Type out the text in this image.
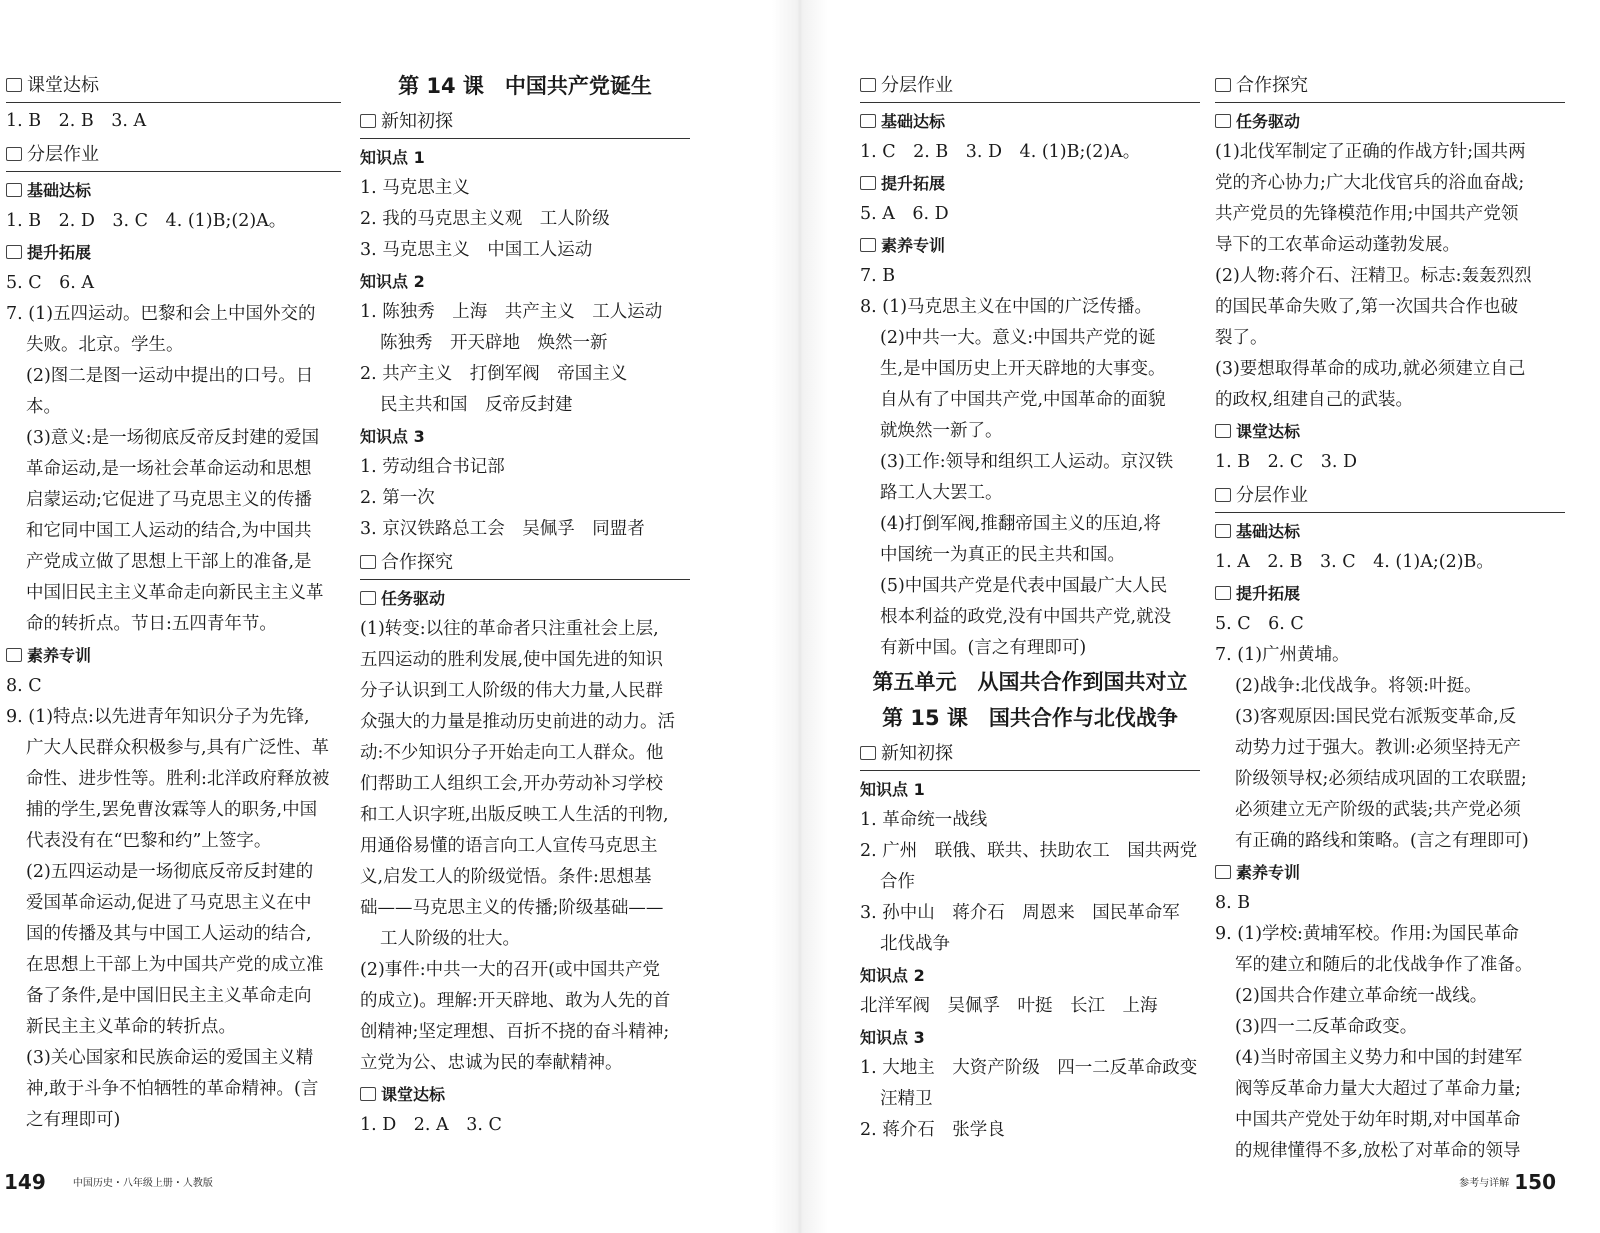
课堂达标
1. B　2. B　3. A
分层作业
基础达标
1. B　2. D　3. C　4. (1)B;(2)A。
提升拓展
5. C　6. A
7. (1)五四运动。巴黎和会上中国外交的
失败。北京。学生。
(2)图二是图一运动中提出的口号。日
本。
(3)意义:是一场彻底反帝反封建的爱国
革命运动,是一场社会革命运动和思想
启蒙运动;它促进了马克思主义的传播
和它同中国工人运动的结合,为中国共
产党成立做了思想上干部上的准备,是
中国旧民主主义革命走向新民主主义革
命的转折点。节日:五四青年节。
素养专训
8. C
9. (1)特点:以先进青年知识分子为先锋,
广大人民群众积极参与,具有广泛性、革
命性、进步性等。胜利:北洋政府释放被
捕的学生,罢免曹汝霖等人的职务,中国
代表没有在“巴黎和约”上签字。
(2)五四运动是一场彻底反帝反封建的
爱国革命运动,促进了马克思主义在中
国的传播及其与中国工人运动的结合,
在思想上干部上为中国共产党的成立准
备了条件,是中国旧民主主义革命走向
新民主主义革命的转折点。
(3)关心国家和民族命运的爱国主义精
神,敢于斗争不怕牺牲的革命精神。(言
之有理即可)
第 14 课　中国共产党诞生
新知初探
知识点 1
1. 马克思主义
2. 我的马克思主义观　工人阶级
3. 马克思主义　中国工人运动
知识点 2
1. 陈独秀　上海　共产主义　工人运动
陈独秀　开天辟地　焕然一新
2. 共产主义　打倒军阀　帝国主义
民主共和国　反帝反封建
知识点 3
1. 劳动组合书记部
2. 第一次
3. 京汉铁路总工会　吴佩孚　同盟者
合作探究
任务驱动
(1)转变:以往的革命者只注重社会上层,
五四运动的胜利发展,使中国先进的知识
分子认识到工人阶级的伟大力量,人民群
众强大的力量是推动历史前进的动力。活
动:不少知识分子开始走向工人群众。他
们帮助工人组织工会,开办劳动补习学校
和工人识字班,出版反映工人生活的刊物,
用通俗易懂的语言向工人宣传马克思主
义,启发工人的阶级觉悟。条件:思想基
础——马克思主义的传播;阶级基础——
工人阶级的壮大。
(2)事件:中共一大的召开(或中国共产党
的成立)。理解:开天辟地、敢为人先的首
创精神;坚定理想、百折不挠的奋斗精神;
立党为公、忠诚为民的奉献精神。
课堂达标
1. D　2. A　3. C
分层作业
基础达标
1. C　2. B　3. D　4. (1)B;(2)A。
提升拓展
5. A　6. D
素养专训
7. B
8. (1)马克思主义在中国的广泛传播。
(2)中共一大。意义:中国共产党的诞
生,是中国历史上开天辟地的大事变。
自从有了中国共产党,中国革命的面貌
就焕然一新了。
(3)工作:领导和组织工人运动。京汉铁
路工人大罢工。
(4)打倒军阀,推翻帝国主义的压迫,将
中国统一为真正的民主共和国。
(5)中国共产党是代表中国最广大人民
根本利益的政党,没有中国共产党,就没
有新中国。(言之有理即可)
第五单元　从国共合作到国共对立
第 15 课　国共合作与北伐战争
新知初探
知识点 1
1. 革命统一战线
2. 广州　联俄、联共、扶助农工　国共两党
合作
3. 孙中山　蒋介石　周恩来　国民革命军
北伐战争
知识点 2
北洋军阀　吴佩孚　叶挺　长江　上海
知识点 3
1. 大地主　大资产阶级　四一二反革命政变
汪精卫
2. 蒋介石　张学良
合作探究
任务驱动
(1)北伐军制定了正确的作战方针;国共两
党的齐心协力;广大北伐官兵的浴血奋战;
共产党员的先锋模范作用;中国共产党领
导下的工农革命运动蓬勃发展。
(2)人物:蒋介石、汪精卫。标志:轰轰烈烈
的国民革命失败了,第一次国共合作也破
裂了。
(3)要想取得革命的成功,就必须建立自己
的政权,组建自己的武装。
课堂达标
1. B　2. C　3. D
分层作业
基础达标
1. A　2. B　3. C　4. (1)A;(2)B。
提升拓展
5. C　6. C
7. (1)广州黄埔。
(2)战争:北伐战争。将领:叶挺。
(3)客观原因:国民党右派叛变革命,反
动势力过于强大。教训:必须坚持无产
阶级领导权;必须结成巩固的工农联盟;
必须建立无产阶级的武装;共产党必须
有正确的路线和策略。(言之有理即可)
素养专训
8. B
9. (1)学校:黄埔军校。作用:为国民革命
军的建立和随后的北伐战争作了准备。
(2)国共合作建立革命统一战线。
(3)四一二反革命政变。
(4)当时帝国主义势力和中国的封建军
阀等反革命力量大大超过了革命力量;
中国共产党处于幼年时期,对中国革命
的规律懂得不多,放松了对革命的领导
149	中国历史・八年级上册・人教版	参考与详解 150
